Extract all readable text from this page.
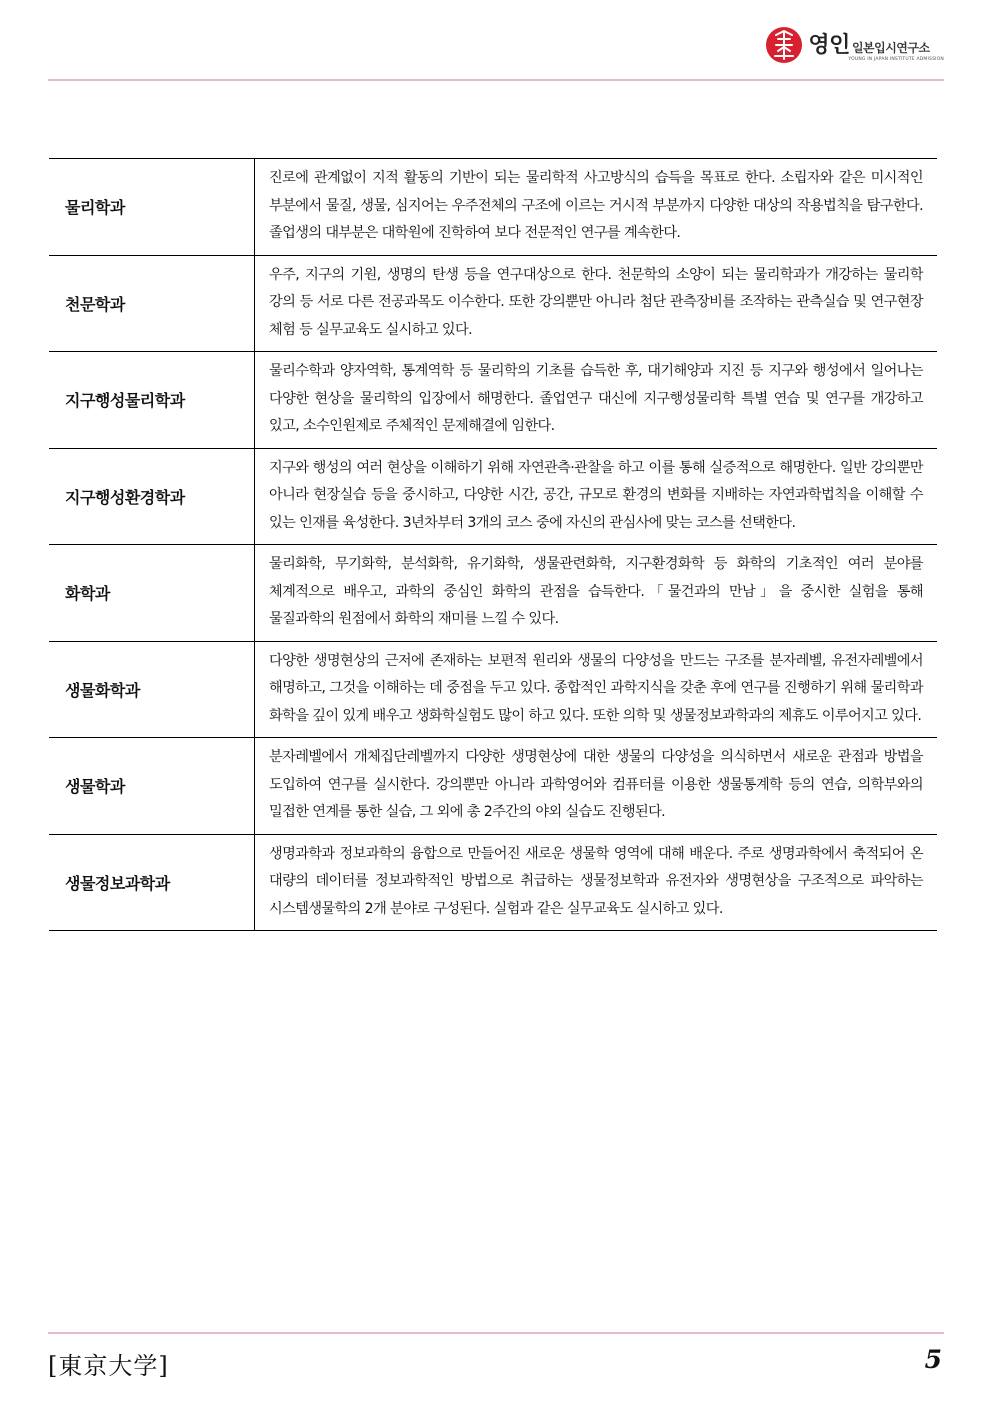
영인 일본입시연구소
YOUNG IN JAPAN INSTITUTE ADMISSION
물리학과	진로에 관계없이 지적 활동의 기반이 되는 물리학적 사고방식의 습득을 목표로 한다. 소립자와 같은 미시적인 부분에서 물질, 생물, 심지어는 우주전체의 구조에 이르는 거시적 부분까지 다양한 대상의 작용법칙을 탐구한다. 졸업생의 대부분은 대학원에 진학하여 보다 전문적인 연구를 계속한다.
천문학과	우주, 지구의 기원, 생명의 탄생 등을 연구대상으로 한다. 천문학의 소양이 되는 물리학과가 개강하는 물리학 강의 등 서로 다른 전공과목도 이수한다. 또한 강의뿐만 아니라 첨단 관측장비를 조작하는 관측실습 및 연구현장 체험 등 실무교육도 실시하고 있다.
지구행성물리학과	물리수학과 양자역학, 통계역학 등 물리학의 기초를 습득한 후, 대기해양과 지진 등 지구와 행성에서 일어나는 다양한 현상을 물리학의 입장에서 해명한다. 졸업연구 대신에 지구행성물리학 특별 연습 및 연구를 개강하고 있고, 소수인원제로 주체적인 문제해결에 임한다.
지구행성환경학과	지구와 행성의 여러 현상을 이해하기 위해 자연관측·관찰을 하고 이를 통해 실증적으로 해명한다. 일반 강의뿐만 아니라 현장실습 등을 중시하고, 다양한 시간, 공간, 규모로 환경의 변화를 지배하는 자연과학법칙을 이해할 수 있는 인재를 육성한다. 3년차부터 3개의 코스 중에 자신의 관심사에 맞는 코스를 선택한다.
화학과	물리화학, 무기화학, 분석화학, 유기화학, 생물관련화학, 지구환경화학 등 화학의 기초적인 여러 분야를 체계적으로 배우고, 과학의 중심인 화학의 관점을 습득한다.「물건과의 만남」을 중시한 실험을 통해 물질과학의 원점에서 화학의 재미를 느낄 수 있다.
생물화학과	다양한 생명현상의 근저에 존재하는 보편적 원리와 생물의 다양성을 만드는 구조를 분자레벨, 유전자레벨에서 해명하고, 그것을 이해하는 데 중점을 두고 있다. 종합적인 과학지식을 갖춘 후에 연구를 진행하기 위해 물리학과 화학을 깊이 있게 배우고 생화학실험도 많이 하고 있다. 또한 의학 및 생물정보과학과의 제휴도 이루어지고 있다.
생물학과	분자레벨에서 개체집단레벨까지 다양한 생명현상에 대한 생물의 다양성을 의식하면서 새로운 관점과 방법을 도입하여 연구를 실시한다. 강의뿐만 아니라 과학영어와 컴퓨터를 이용한 생물통계학 등의 연습, 의학부와의 밀접한 연계를 통한 실습, 그 외에 총 2주간의 야외 실습도 진행된다.
생물정보과학과	생명과학과 정보과학의 융합으로 만들어진 새로운 생물학 영역에 대해 배운다. 주로 생명과학에서 축적되어 온 대량의 데이터를 정보과학적인 방법으로 취급하는 생물정보학과 유전자와 생명현상을 구조적으로 파악하는 시스템생물학의 2개 분야로 구성된다. 실험과 같은 실무교육도 실시하고 있다.
[東京大学]	5
